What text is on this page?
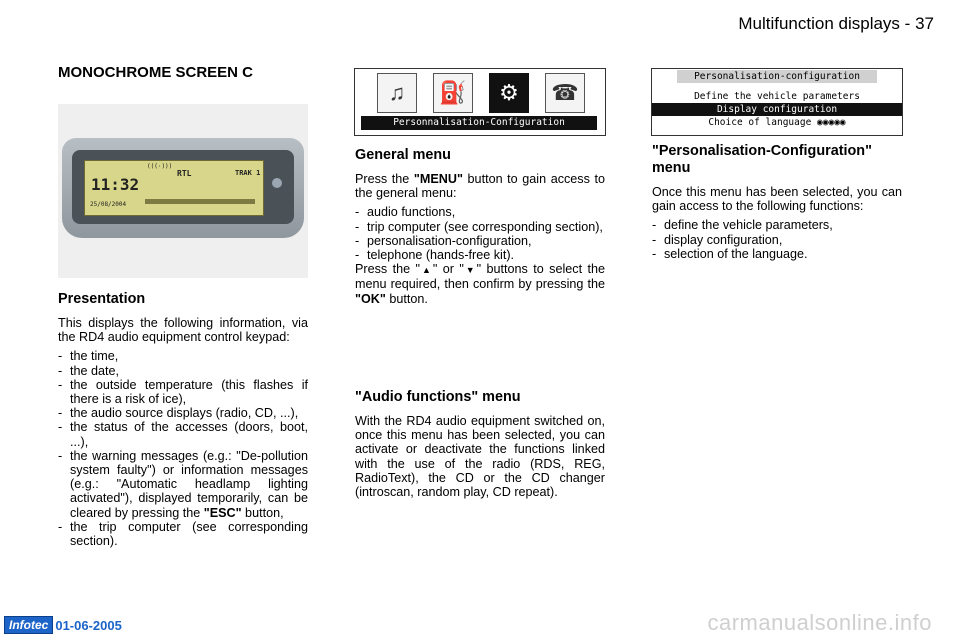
Multifunction displays - 37
MONOCHROME SCREEN C
(((·)))
11:32
25/08/2004
RTL	TRAK 1
Presentation

This displays the following information, via the RD4 audio equipment control keypad:

- the time,
- the date,
- the outside temperature (this flashes if there is a risk of ice),
- the audio source displays (radio, CD, ...),
- the status of the accesses (doors, boot, ...),
- the warning messages (e.g.: "De-pollution system faulty") or information messages (e.g.: "Automatic headlamp lighting activated"), displayed temporarily, can be cleared by pressing the "ESC" button,
- the trip computer (see corresponding section).
♫	⛽	⚙	☎
Personnalisation-Configuration
General menu

Press the "MENU" button to gain access to the general menu:

- audio functions,
- trip computer (see corresponding section),
- personalisation-configuration,
- telephone (hands-free kit).

Press the "▲" or "▼" buttons to select the menu required, then confirm by pressing the "OK" button.

"Audio functions" menu

With the RD4 audio equipment switched on, once this menu has been selected, you can activate or deactivate the functions linked with the use of the radio (RDS, REG, RadioText), the CD or the CD changer (introscan, random play, CD repeat).

Personalisation-configuration
Define the vehicle parameters
Display configuration
Choice of language ◉◉◉◉◉
"Personalisation-Configuration" menu

Once this menu has been selected, you can gain access to the following functions:

- define the vehicle parameters,
- display configuration,
- selection of the language.
Infotec 01-06-2005	carmanualsonline.info
